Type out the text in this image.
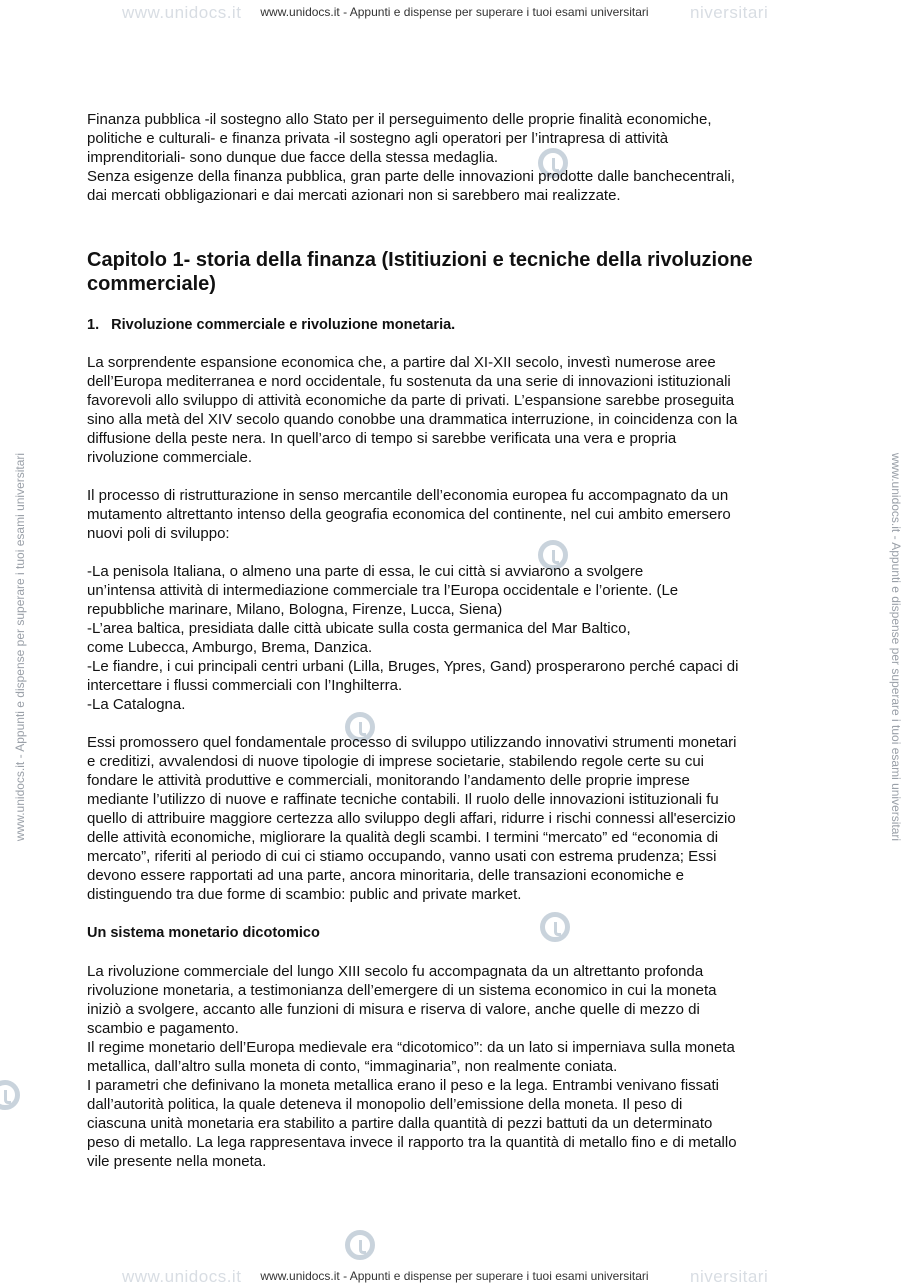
www.unidocs.it	niversitari
www.unidocs.it	niversitari
www.unidocs.it - Appunti e dispense per superare i tuoi esami universitari
www.unidocs.it - Appunti e dispense per superare i tuoi esami universitari
www.unidocs.it - Appunti e dispense per superare i tuoi esami universitari	www.unidocs.it - Appunti e dispense per superare i tuoi esami universitari

Finanza pubblica -il sostegno allo Stato per il perseguimento delle proprie finalità economiche,
politiche e culturali- e finanza privata -il sostegno agli operatori per l’intrapresa di attività
imprenditoriali- sono dunque due facce della stessa medaglia.
Senza esigenze della finanza pubblica, gran parte delle innovazioni prodotte dalle banchecentrali,
dai mercati obbligazionari e dai mercati azionari non si sarebbero mai realizzate.

Capitolo 1- storia della finanza (Istitiuzioni e tecniche della rivoluzione commerciale)
1. Rivoluzione commerciale e rivoluzione monetaria.

La sorprendente espansione economica che, a partire dal XI-XII secolo, investì numerose aree
dell’Europa mediterranea e nord occidentale, fu sostenuta da una serie di innovazioni istituzionali
favorevoli allo sviluppo di attività economiche da parte di privati. L’espansione sarebbe proseguita
sino alla metà del XIV secolo quando conobbe una drammatica interruzione, in coincidenza con la
diffusione della peste nera. In quell’arco di tempo si sarebbe verificata una vera e propria
rivoluzione commerciale.

Il processo di ristrutturazione in senso mercantile dell’economia europea fu accompagnato da un
mutamento altrettanto intenso della geografia economica del continente, nel cui ambito emersero
nuovi poli di sviluppo:

-La penisola Italiana, o almeno una parte di essa, le cui città si avviarono a svolgere
un’intensa attività di intermediazione commerciale tra l’Europa occidentale e l’oriente. (Le
repubbliche marinare, Milano, Bologna, Firenze, Lucca, Siena)
-L’area baltica, presidiata dalle città ubicate sulla costa germanica del Mar Baltico,
come Lubecca, Amburgo, Brema, Danzica.
-Le fiandre, i cui principali centri urbani (Lilla, Bruges, Ypres, Gand) prosperarono perché capaci di
intercettare i flussi commerciali con l’Inghilterra.
-La Catalogna.

Essi promossero quel fondamentale processo di sviluppo utilizzando innovativi strumenti monetari
e creditizi, avvalendosi di nuove tipologie di imprese societarie, stabilendo regole certe su cui
fondare le attività produttive e commerciali, monitorando l’andamento delle proprie imprese
mediante l’utilizzo di nuove e raffinate tecniche contabili. Il ruolo delle innovazioni istituzionali fu
quello di attribuire maggiore certezza allo sviluppo degli affari, ridurre i rischi connessi all'esercizio
delle attività economiche, migliorare la qualità degli scambi. I termini “mercato” ed “economia di
mercato”, riferiti al periodo di cui ci stiamo occupando, vanno usati con estrema prudenza; Essi
devono essere rapportati ad una parte, ancora minoritaria, delle transazioni economiche e
distinguendo tra due forme di scambio: public and private market.

Un sistema monetario dicotomico

La rivoluzione commerciale del lungo XIII secolo fu accompagnata da un altrettanto profonda
rivoluzione monetaria, a testimonianza dell’emergere di un sistema economico in cui la moneta
iniziò a svolgere, accanto alle funzioni di misura e riserva di valore, anche quelle di mezzo di
scambio e pagamento.
Il regime monetario dell’Europa medievale era “dicotomico”: da un lato si imperniava sulla moneta
metallica, dall’altro sulla moneta di conto, “immaginaria”, non realmente coniata.
I parametri che definivano la moneta metallica erano il peso e la lega. Entrambi venivano fissati
dall’autorità politica, la quale deteneva il monopolio dell’emissione della moneta. Il peso di
ciascuna unità monetaria era stabilito a partire dalla quantità di pezzi battuti da un determinato
peso di metallo. La lega rappresentava invece il rapporto tra la quantità di metallo fino e di metallo
vile presente nella moneta.
